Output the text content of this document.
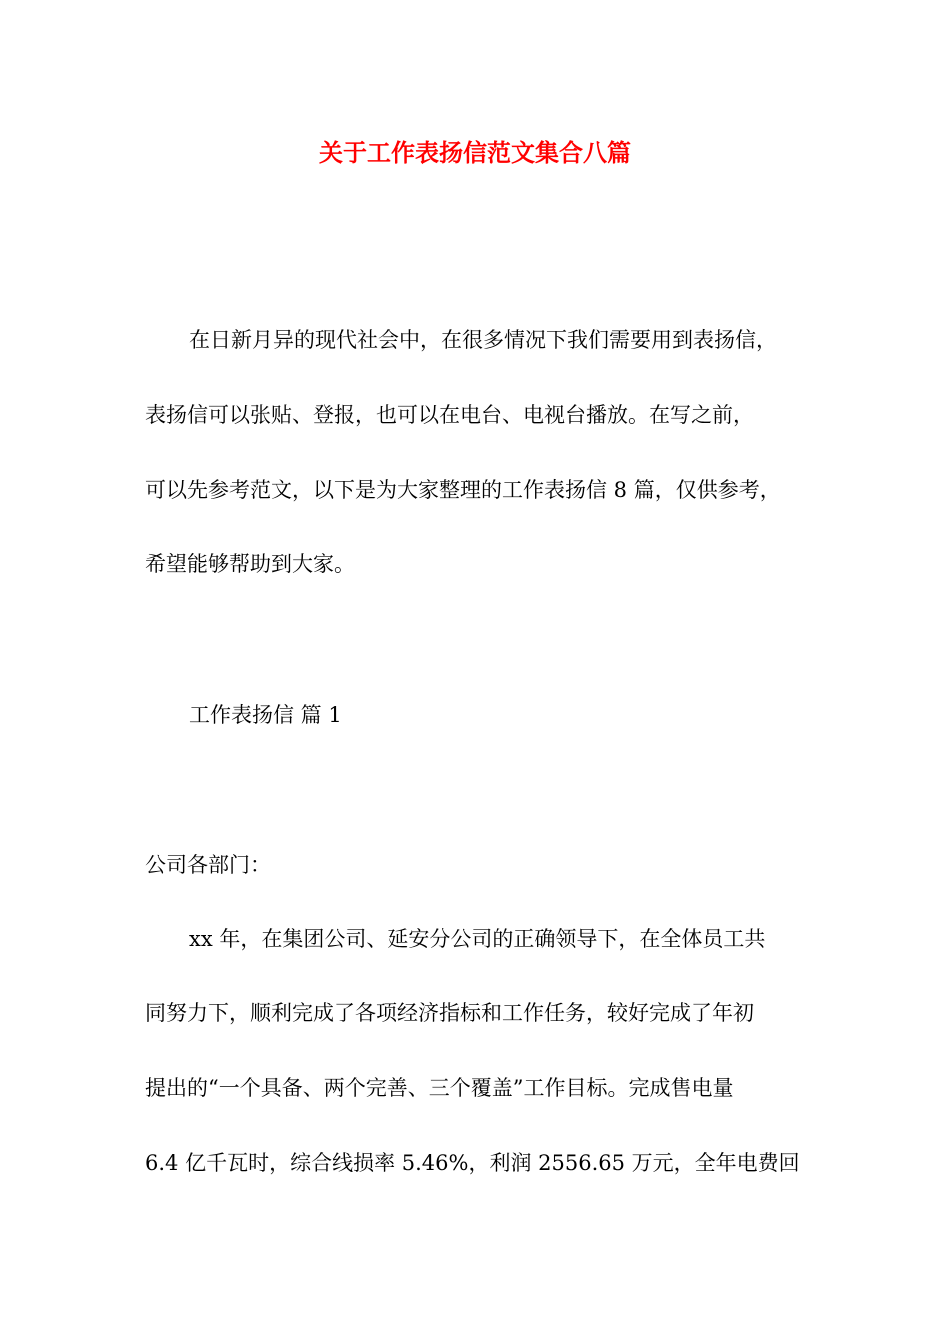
关于工作表扬信范文集合八篇
在日新月异的现代社会中，在很多情况下我们需要用到表扬信，
表扬信可以张贴、登报，也可以在电台、电视台播放。在写之前，
可以先参考范文，以下是为大家整理的工作表扬信 8 篇，仅供参考，
希望能够帮助到大家。
工作表扬信 篇 1
公司各部门：
xx 年，在集团公司、延安分公司的正确领导下，在全体员工共
同努力下，顺利完成了各项经济指标和工作任务，较好完成了年初
提出的“一个具备、两个完善、三个覆盖”工作目标。完成售电量
6.4 亿千瓦时，综合线损率 5.46%，利润 2556.65 万元，全年电费回
